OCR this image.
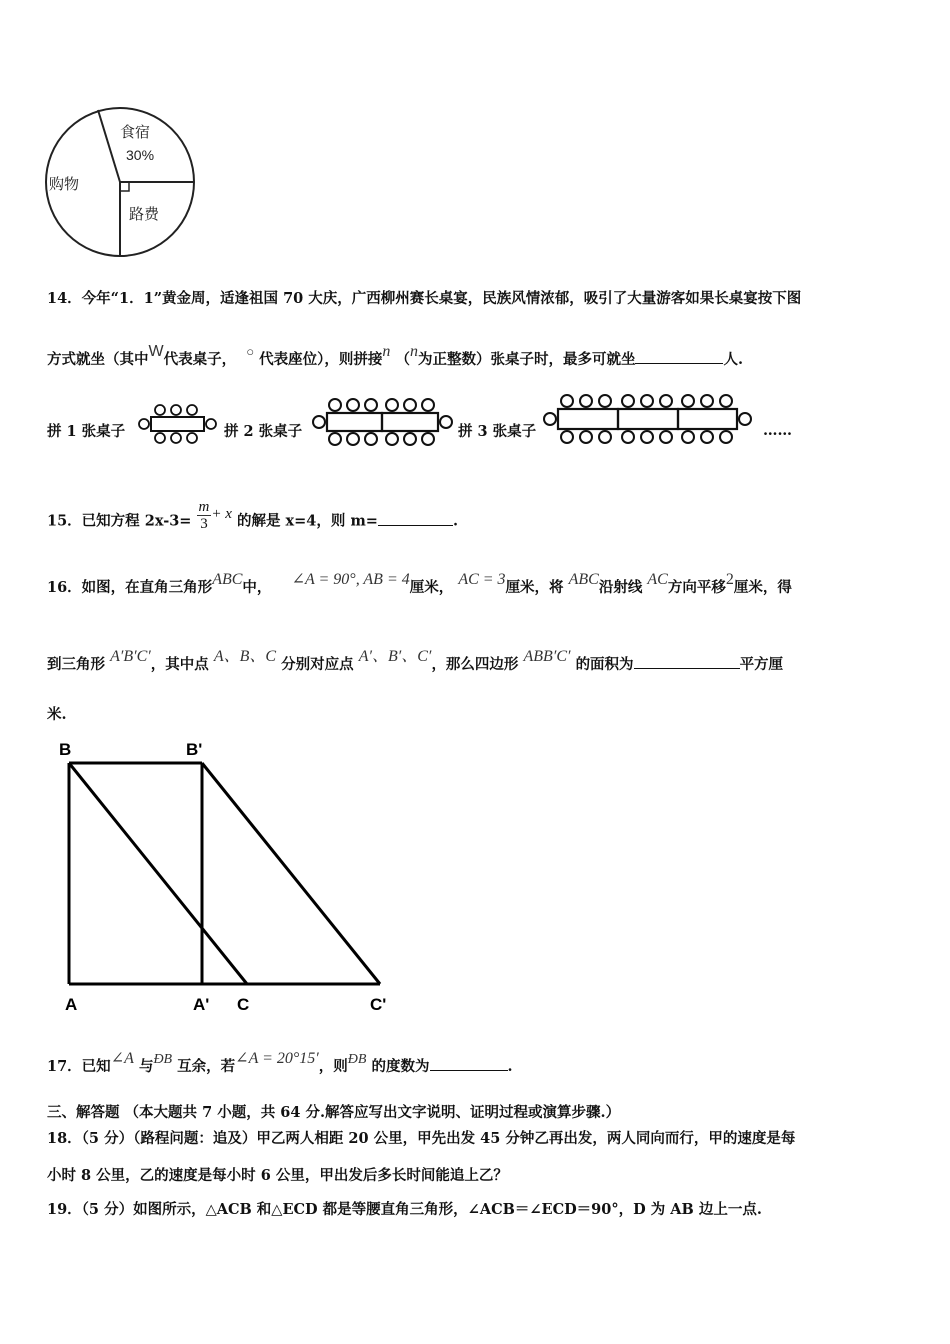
食宿
30%
购物
路费
14．今年“1．1”黄金周，适逢祖国 70 大庆，广西柳州赛长桌宴，民族风情浓郁，吸引了大量游客如果长桌宴按下图
方式就坐（其中W代表桌子， ○ 代表座位），则拼接n （n为正整数）张桌子时，最多可就坐	人.
拼 1 张桌子	拼 2 张桌子	拼 3 张桌子	……
15．已知方程 $2x-3= \frac{m}{3} + x$ 的解是 x=4，则 m=	.
16．如图，在直角三角形ABC中， ∠A = 90°, AB = 4厘米， AC = 3厘米，将 ABC沿射线 AC方向平移2厘米，得
到三角形 A′B′C′，其中点 A、B、C 分别对应点 A′、B′、C′，那么四边形 ABB′C′ 的面积为	平方厘
米.
B	B'
A	A' C	C'
17．已知∠A 与ÐB 互余，若∠A = 20°15′，则ÐB 的度数为	.
三、解答题 （本大题共 7 小题，共 64 分.解答应写出文字说明、证明过程或演算步骤.）
18．（5 分）（路程问题：追及）甲乙两人相距 20 公里，甲先出发 45 分钟乙再出发，两人同向而行，甲的速度是每
小时 8 公里，乙的速度是每小时 6 公里，甲出发后多长时间能追上乙？
19．（5 分）如图所示，△ACB 和△ECD 都是等腰直角三角形，∠ACB＝∠ECD＝90°，D 为 AB 边上一点.
